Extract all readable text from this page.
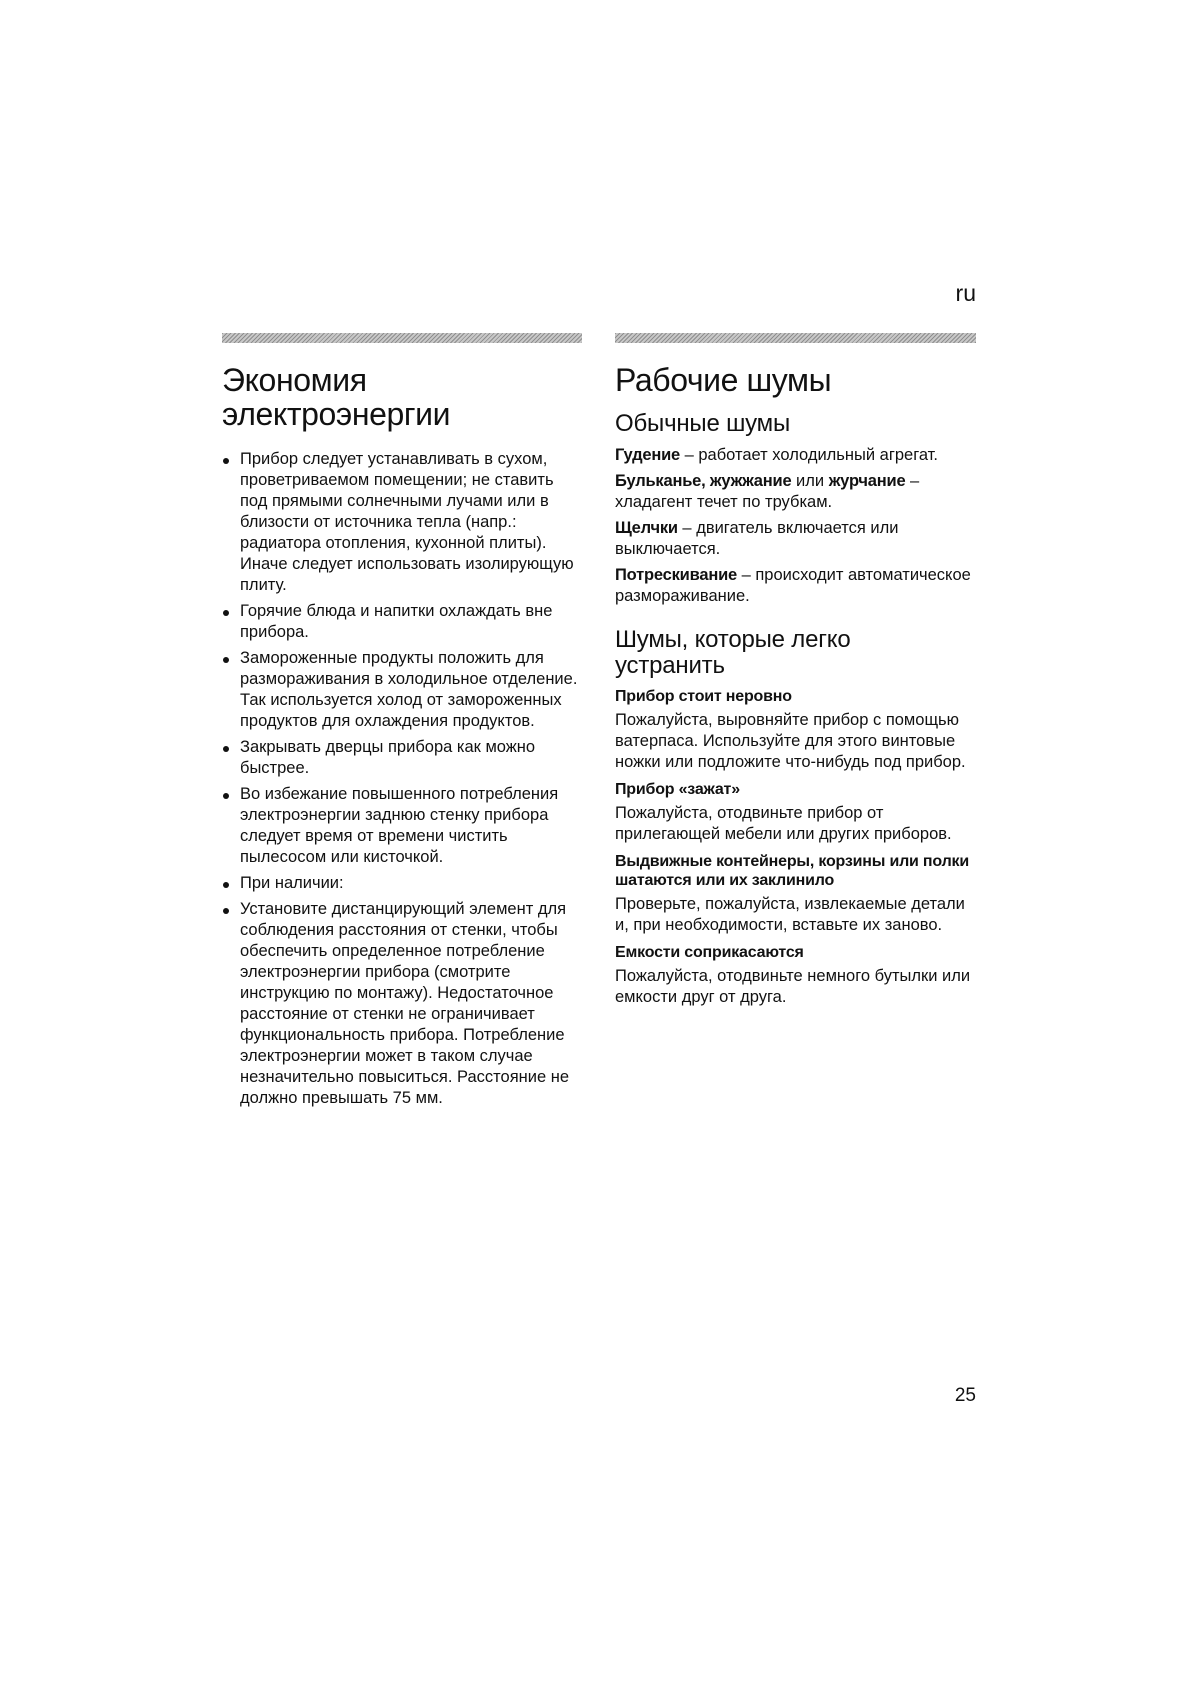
ru
Экономия
электроэнергии
Прибор следует устанавливать в сухом, проветриваемом помещении; не ставить под прямыми солнечными лучами или в близости от источника тепла (напр.: радиатора отопления, кухонной плиты). Иначе следует использовать изолирующую плиту.
Горячие блюда и напитки охлаждать вне прибора.
Замороженные продукты положить для размораживания в холодильное отделение. Так используется холод от замороженных продуктов для охлаждения продуктов.
Закрывать дверцы прибора как можно быстрее.
Во избежание повышенного потребления электроэнергии заднюю стенку прибора следует время от времени чистить пылесосом или кисточкой.
При наличии:
Установите дистанцирующий элемент для соблюдения расстояния от стенки, чтобы обеспечить определенное потребление электроэнергии прибора (смотрите инструкцию по монтажу). Недостаточное расстояние от стенки не ограничивает функциональность прибора. Потребление электроэнергии может в таком случае незначительно повыситься. Расстояние не должно превышать 75 мм.
Рабочие шумы
Обычные шумы

Гудение – работает холодильный агрегат.

Бульканье, жужжание или журчание – хладагент течет по трубкам.

Щелчки – двигатель включается или выключается.

Потрескивание – происходит автоматическое размораживание.

Шумы, которые легко
устранить
Прибор стоит неровно

Пожалуйста, выровняйте прибор с помощью ватерпаса. Используйте для этого винтовые ножки или подложите что-нибудь под прибор.

Прибор «зажат»

Пожалуйста, отодвиньте прибор от прилегающей мебели или других приборов.

Выдвижные контейнеры, корзины или полки шатаются или их заклинило

Проверьте, пожалуйста, извлекаемые детали и, при необходимости, вставьте их заново.

Емкости соприкасаются

Пожалуйста, отодвиньте немного бутылки или емкости друг от друга.

25
